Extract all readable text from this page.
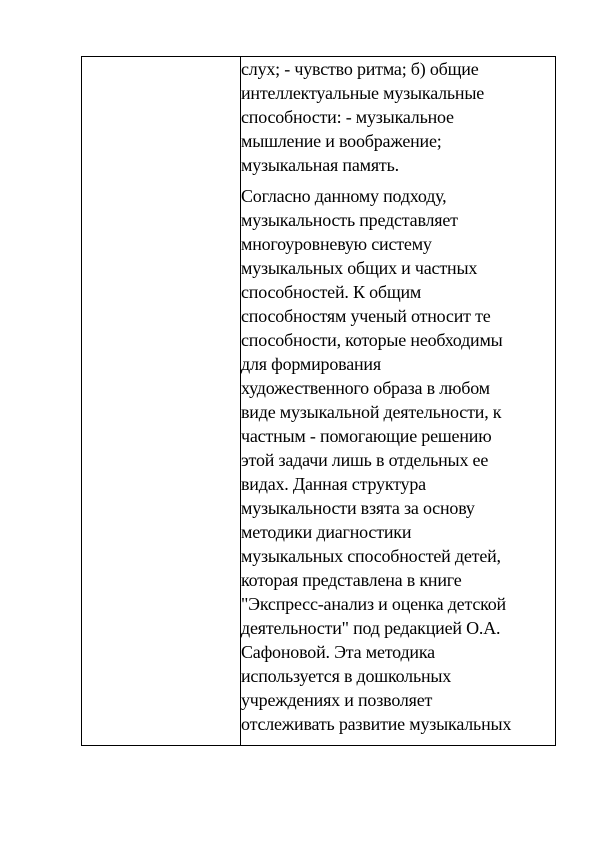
слух; - чувство ритма; б) общие
интеллектуальные музыкальные
способности: - музыкальное
мышление и воображение;
музыкальная память.

Согласно данному подходу,
музыкальность представляет
многоуровневую систему
музыкальных общих и частных
способностей. К общим
способностям ученый относит те
способности, которые необходимы
для формирования
художественного образа в любом
виде музыкальной деятельности, к
частным - помогающие решению
этой задачи лишь в отдельных ее
видах. Данная структура
музыкальности взята за основу
методики диагностики
музыкальных способностей детей,
которая представлена в книге
"Экспресс-анализ и оценка детской
деятельности" под редакцией О.А.
Сафоновой. Эта методика
используется в дошкольных
учреждениях и позволяет
отслеживать развитие музыкальных
